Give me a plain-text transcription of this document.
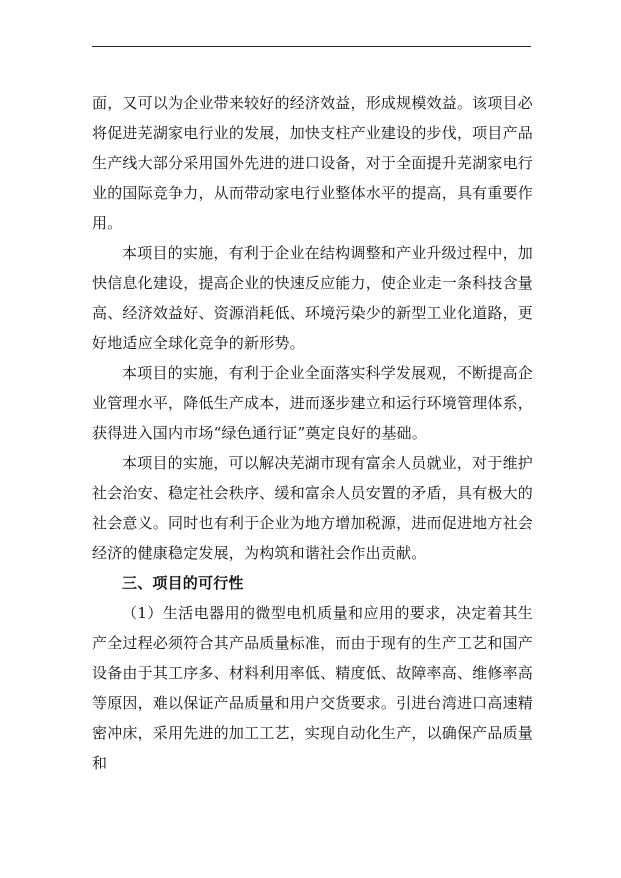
面，又可以为企业带来较好的经济效益，形成规模效益。该项目必将促进芜湖家电行业的发展，加快支柱产业建设的步伐，项目产品生产线大部分采用国外先进的进口设备，对于全面提升芜湖家电行业的国际竞争力，从而带动家电行业整体水平的提高，具有重要作用。

本项目的实施，有利于企业在结构调整和产业升级过程中，加快信息化建设，提高企业的快速反应能力，使企业走一条科技含量高、经济效益好、资源消耗低、环境污染少的新型工业化道路，更好地适应全球化竞争的新形势。

本项目的实施，有利于企业全面落实科学发展观，不断提高企业管理水平，降低生产成本，进而逐步建立和运行环境管理体系，获得进入国内市场“绿色通行证”奠定良好的基础。

本项目的实施，可以解决芜湖市现有富余人员就业，对于维护社会治安、稳定社会秩序、缓和富余人员安置的矛盾，具有极大的社会意义。同时也有利于企业为地方增加税源，进而促进地方社会经济的健康稳定发展，为构筑和谐社会作出贡献。

三、项目的可行性

（1）生活电器用的微型电机质量和应用的要求，决定着其生产全过程必须符合其产品质量标准，而由于现有的生产工艺和国产设备由于其工序多、材料利用率低、精度低、故障率高、维修率高等原因，难以保证产品质量和用户交货要求。引进台湾进口高速精密冲床，采用先进的加工工艺，实现自动化生产，以确保产品质量和
